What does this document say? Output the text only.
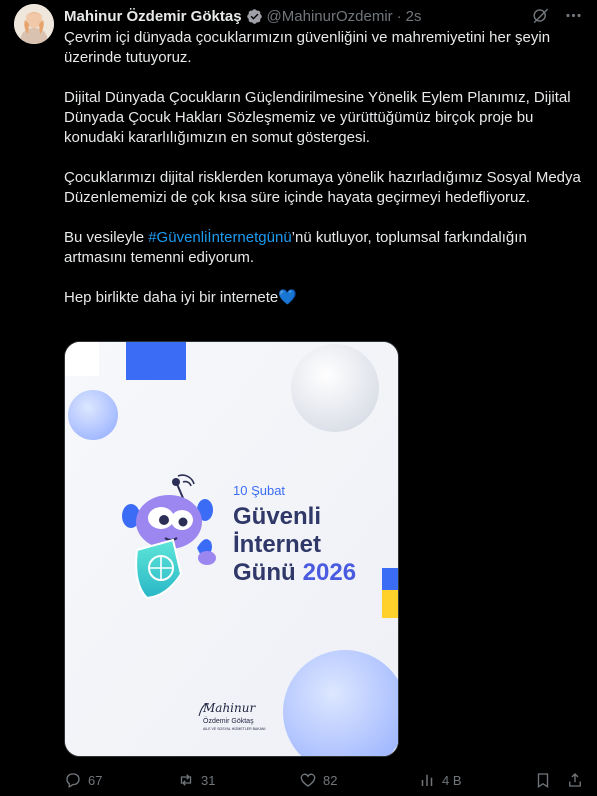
Mahinur Özdemir Göktaş @MahinurOzdemir · 2s

Çevrim içi dünyada çocuklarımızın güvenliğini ve mahremiyetini her şeyin üzerinde tutuyoruz.

Dijital Dünyada Çocukların Güçlendirilmesine Yönelik Eylem Planımız, Dijital Dünyada Çocuk Hakları Sözleşmemiz ve yürüttüğümüz birçok proje bu konudaki kararlılığımızın en somut göstergesi.

Çocuklarımızı dijital risklerden korumaya yönelik hazırladığımız Sosyal Medya Düzenlememizi de çok kısa süre içinde hayata geçirmeyi hedefliyoruz.

Bu vesileyle #Güvenliİnternetgünü’nü kutluyor, toplumsal farkındalığın artmasını temenni ediyorum.

Hep birlikte daha iyi bir internete💙

10 Şubat
Güvenli
İnternet
Günü 2026
Mahinur
Özdemir Göktaş
AİLE VE SOSYAL HİZMETLER BAKANI
67	31	82	4 B
